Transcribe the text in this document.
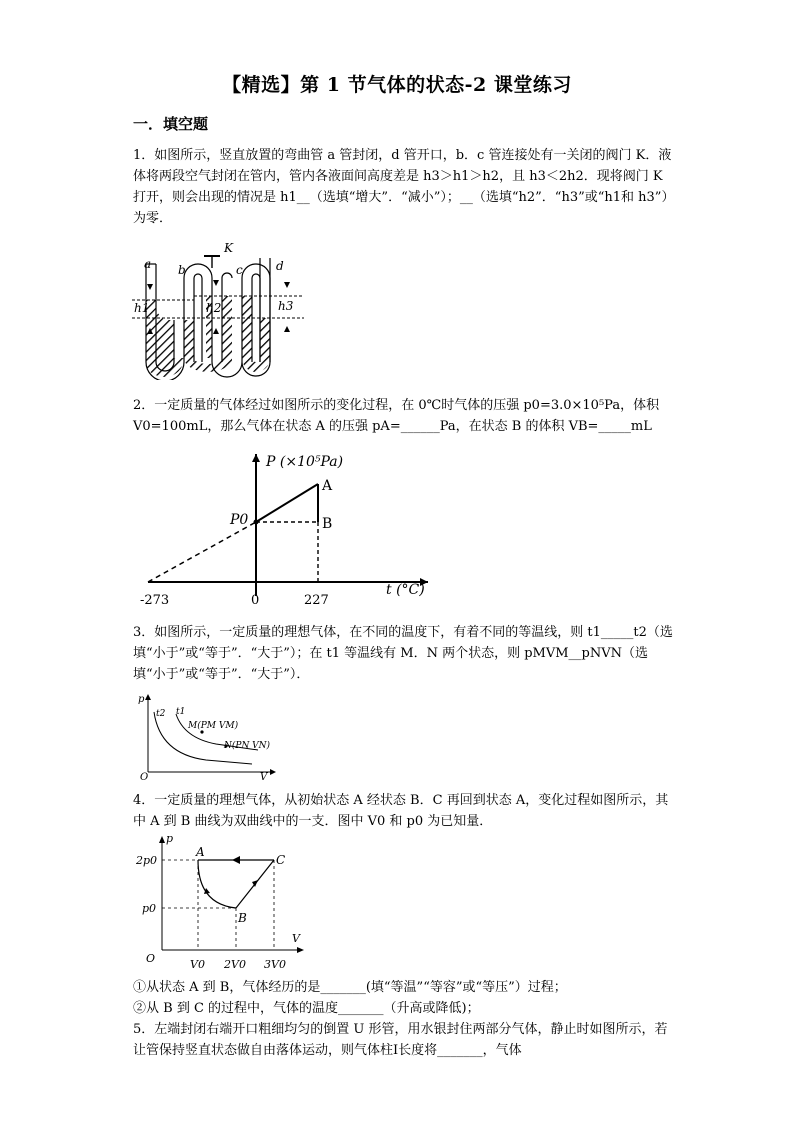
【精选】第 1 节气体的状态-2 课堂练习
一．填空题
1．如图所示，竖直放置的弯曲管 a 管封闭，d 管开口，b．c 管连接处有一关闭的阀门 K．液体将两段空气封闭在管内，管内各液面间高度差是 h3＞h1＞h2，且 h3＜2h2．现将阀门 K 打开，则会出现的情况是 h1__（选填“增大”．“减小”）；__（选填“h2”．“h3”或“h1和 h3”）为零．
a b	c	d
K
h1	h2	h3
2．一定质量的气体经过如图所示的变化过程，在 0℃时气体的压强 p0=3.0×10⁵Pa，体积 V0=100mL，那么气体在状态 A 的压强 pA=______Pa，在状态 B 的体积 VB=_____mL
P (×10⁵Pa)
t (°C)
P0
A
B
-273	0	227
3．如图所示，一定质量的理想气体，在不同的温度下，有着不同的等温线，则 t1_____t2（选填“小于”或“等于”．“大于”）；在 t1 等温线有 M．N 两个状态，则 pMVM__pNVN（选填“小于”或“等于”．“大于”）．
p
V
O
t2 t1
M(PM VM)
N(PN VN)
4．一定质量的理想气体，从初始状态 A 经状态 B．C 再回到状态 A，变化过程如图所示，其中 A 到 B 曲线为双曲线中的一支．图中 V0 和 p0 为已知量．
p
V
O
A
B
C
2p0
p0
V0 2V0 3V0
①从状态 A 到 B，气体经历的是_______(填“等温”“等容”或“等压”）过程；
②从 B 到 C 的过程中，气体的温度_______（升高或降低)；
5．左端封闭右端开口粗细均匀的倒置 U 形管，用水银封住两部分气体，静止时如图所示，若让管保持竖直状态做自由落体运动，则气体柱Ⅰ长度将_______，气体
